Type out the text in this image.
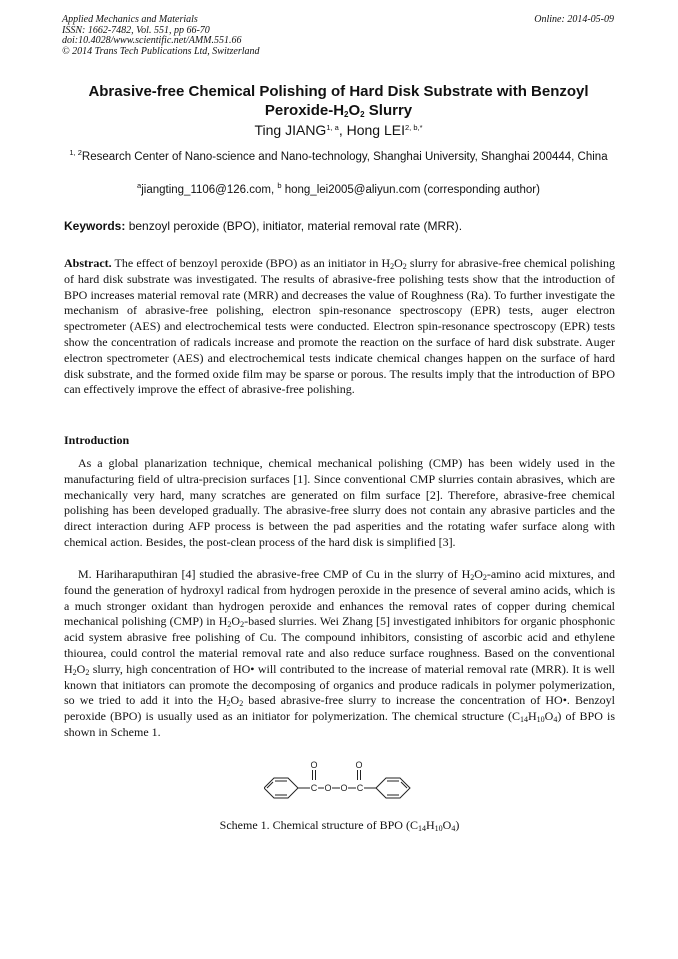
Applied Mechanics and Materials
ISSN: 1662-7482, Vol. 551, pp 66-70
doi:10.4028/www.scientific.net/AMM.551.66
© 2014 Trans Tech Publications Ltd, Switzerland
Online: 2014-05-09
Abrasive-free Chemical Polishing of Hard Disk Substrate with Benzoyl Peroxide-$H_2O_2$ Slurry
Ting JIANG$^{1, a}$, Hong $LEI^{2, b,*}$
$^{1, 2}$Research Center of Nano-science and Nano-technology, Shanghai University, Shanghai 200444, China
$^a$jiangting_1106@126.com, $^b$ hong_lei2005@aliyun.com (corresponding author)
Keywords: benzoyl peroxide (BPO), initiator, material removal rate (MRR).
Abstract. The effect of benzoyl peroxide (BPO) as an initiator in $H_2O_2$ slurry for abrasive-free chemical polishing of hard disk substrate was investigated. The results of abrasive-free polishing tests show that the introduction of BPO increases material removal rate (MRR) and decreases the value of Roughness (Ra). To further investigate the mechanism of abrasive-free polishing, electron spin-resonance spectroscopy (EPR) tests, auger electron spectrometer (AES) and electrochemical tests were conducted. Electron spin-resonance spectroscopy (EPR) tests show the concentration of radicals increase and promote the reaction on the surface of hard disk substrate. Auger electron spectrometer (AES) and electrochemical tests indicate chemical changes happen on the surface of hard disk substrate, and the formed oxide film may be sparse or porous. The results imply that the introduction of BPO can effectively improve the effect of abrasive-free polishing.
Introduction
As a global planarization technique, chemical mechanical polishing (CMP) has been widely used in the manufacturing field of ultra-precision surfaces [1]. Since conventional CMP slurries contain abrasives, which are mechanically very hard, many scratches are generated on film surface [2]. Therefore, abrasive-free chemical polishing has been developed gradually. The abrasive-free slurry does not contain any abrasive particles and the direct interaction during AFP process is between the pad asperities and the rotating wafer surface along with chemical action. Besides, the post-clean process of the hard disk is simplified [3].
M. Hariharaputhiran [4] studied the abrasive-free CMP of Cu in the slurry of $H_2O_2$-amino acid mixtures, and found the generation of hydroxyl radical from hydrogen peroxide in the presence of several amino acids, which is a much stronger oxidant than hydrogen peroxide and enhances the removal rates of copper during chemical mechanical polishing (CMP) in $H_2O_2$-based slurries. Wei Zhang [5] investigated inhibitors for organic phosphonic acid system abrasive free polishing of Cu. The compound inhibitors, consisting of ascorbic acid and ethylene thiourea, could control the material removal rate and also reduce surface roughness. Based on the conventional $H_2O_2$ slurry, high concentration of HO• will contributed to the increase of material removal rate (MRR). It is well known that initiators can promote the decomposing of organics and produce radicals in polymer polymerization, so we tried to add it into the $H_2O_2$ based abrasive-free slurry to increase the concentration of HO•. Benzoyl peroxide (BPO) is usually used as an initiator for polymerization. The chemical structure $(C_{14}H_{10}O_4)$ of BPO is shown in Scheme 1.
O	O
C O O C
Scheme 1. Chemical structure of BPO $(C_{14}H_{10}O_4)$
